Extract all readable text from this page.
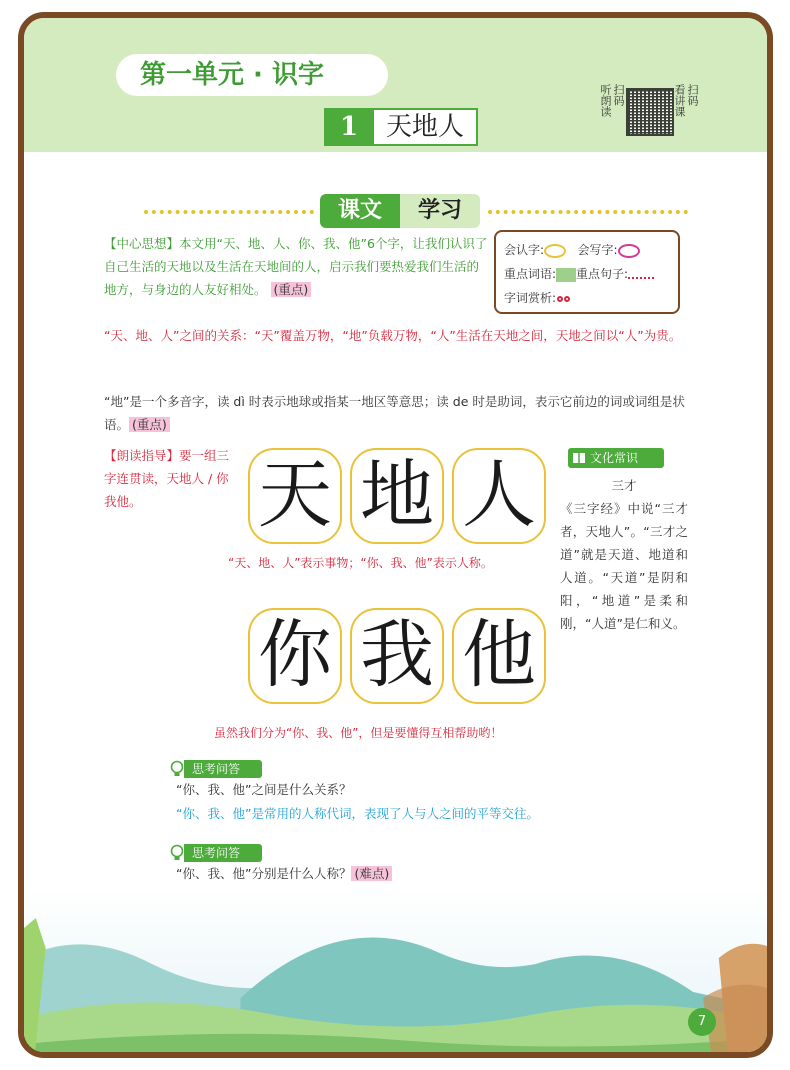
第一单元 · 识字
1	天地人
扫码
听朗读	扫码
看讲课
课文	学习
【中心思想】本文用“天、地、人、你、我、他”6个字，让我们认识了自己生活的天地以及生活在天地间的人，启示我们要热爱我们生活的地方，与身边的人友好相处。 (重点)
会认字:	会写字:
重点词语: 重点句子:
字词赏析:
“天、地、人”之间的关系：“天”覆盖万物，“地”负载万物，“人”生活在天地之间，天地之间以“人”为贵。
“地”是一个多音字，读 dì 时表示地球或指某一地区等意思；读 de 时是助词，表示它前边的词或词组是状语。 (重点)
【朗读指导】要一组三字连贯读，天地人 / 你我他。	天 地 人
“天、地、人”表示事物；“你、我、他”表示人称。
你 我 他
文化常识
三才
《三字经》中说“三才者，天地人”。“三才之道”就是天道、地道和人道。“天道”是阴和阳，“地道”是柔和刚，“人道”是仁和义。
虽然我们分为“你、我、他”，但是要懂得互相帮助哟！
思考问答
“你、我、他”之间是什么关系？
“你、我、他”是常用的人称代词，表现了人与人之间的平等交往。
思考问答
“你、我、他”分别是什么人称？ (难点)
7
